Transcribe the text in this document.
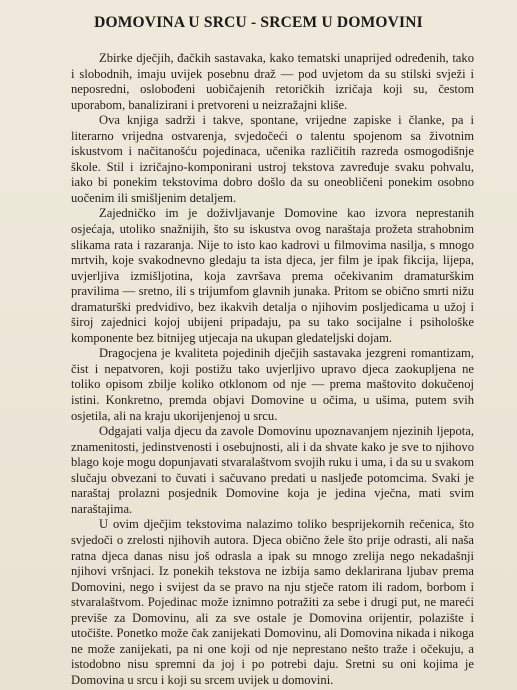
DOMOVINA U SRCU - SRCEM U DOMOVINI

Zbirke dječjih, đačkih sastavaka, kako tematski unaprijed određenih, tako i slobodnih, imaju uvijek posebnu draž — pod uvjetom da su stilski svježi i neposredni, oslobođeni uobičajenih retoričkih izričaja koji su, čestom uporabom, banalizirani i pretvoreni u neizražajni kliše.

Ova knjiga sadrži i takve, spontane, vrijedne zapiske i članke, pa i literarno vrijedna ostvarenja, svjedočeći o talentu spojenom sa životnim iskustvom i načitanošću pojedinaca, učenika različitih razreda osmogodišnje škole. Stil i izričajno-komponirani ustroj tekstova zavređuje svaku pohvalu, iako bi ponekim tekstovima dobro došlo da su oneobličeni ponekim osobno uočenim ili smišljenim detaljem.

Zajedničko im je doživljavanje Domovine kao izvora neprestanih osjećaja, utoliko snažnijih, što su iskustva ovog naraštaja prožeta strahobnim slikama rata i razaranja. Nije to isto kao kadrovi u filmovima nasilja, s mnogo mrtvih, koje svakodnevno gledaju ta ista djeca, jer film je ipak fikcija, lijepa, uvjerljiva izmišljotina, koja završava prema očekivanim dramaturškim pravilima — sretno, ili s trijumfom glavnih junaka. Pritom se obično smrti nižu dramaturški predvidivo, bez ikakvih detalja o njihovim posljedicama u užoj i široj zajednici kojoj ubijeni pripadaju, pa su tako socijalne i psihološke komponente bez bitnijeg utjecaja na ukupan gledateljski dojam.

Dragocjena je kvaliteta pojedinih dječjih sastavaka jezgreni romantizam, čist i nepatvoren, koji postižu tako uvjerljivo upravo djeca zaokupljena ne toliko opisom zbilje koliko otklonom od nje — prema maštovito dokučenoj istini. Konkretno, premda objavi Domovine u očima, u ušima, putem svih osjetila, ali na kraju ukorijenjenoj u srcu.

Odgajati valja djecu da zavole Domovinu upoznavanjem njezinih ljepota, znamenitosti, jedinstvenosti i osebujnosti, ali i da shvate kako je sve to njihovo blago koje mogu dopunjavati stvaralaštvom svojih ruku i uma, i da su u svakom slučaju obvezani to čuvati i sačuvano predati u nasljeđe potomcima. Svaki je naraštaj prolazni posjednik Domovine koja je jedina vječna, mati svim naraštajima.

U ovim dječjim tekstovima nalazimo toliko besprijekornih rečenica, što svjedoči o zrelosti njihovih autora. Djeca obično žele što prije odrasti, ali naša ratna djeca danas nisu još odrasla a ipak su mnogo zrelija nego nekadašnji njihovi vršnjaci. Iz ponekih tekstova ne izbija samo deklarirana ljubav prema Domovini, nego i svijest da se pravo na nju stječe ratom ili radom, borbom i stvaralaštvom. Pojedinac može iznimno potražiti za sebe i drugi put, ne mareći previše za Domovinu, ali za sve ostale je Domovina orijentir, polazište i utočište. Ponetko može čak zanijekati Domovinu, ali Domovina nikada i nikoga ne može zanijekati, pa ni one koji od nje neprestano nešto traže i očekuju, a istodobno nisu spremni da joj i po potrebi daju. Sretni su oni kojima je Domovina u srcu i koji su srcem uvijek u domovini.
